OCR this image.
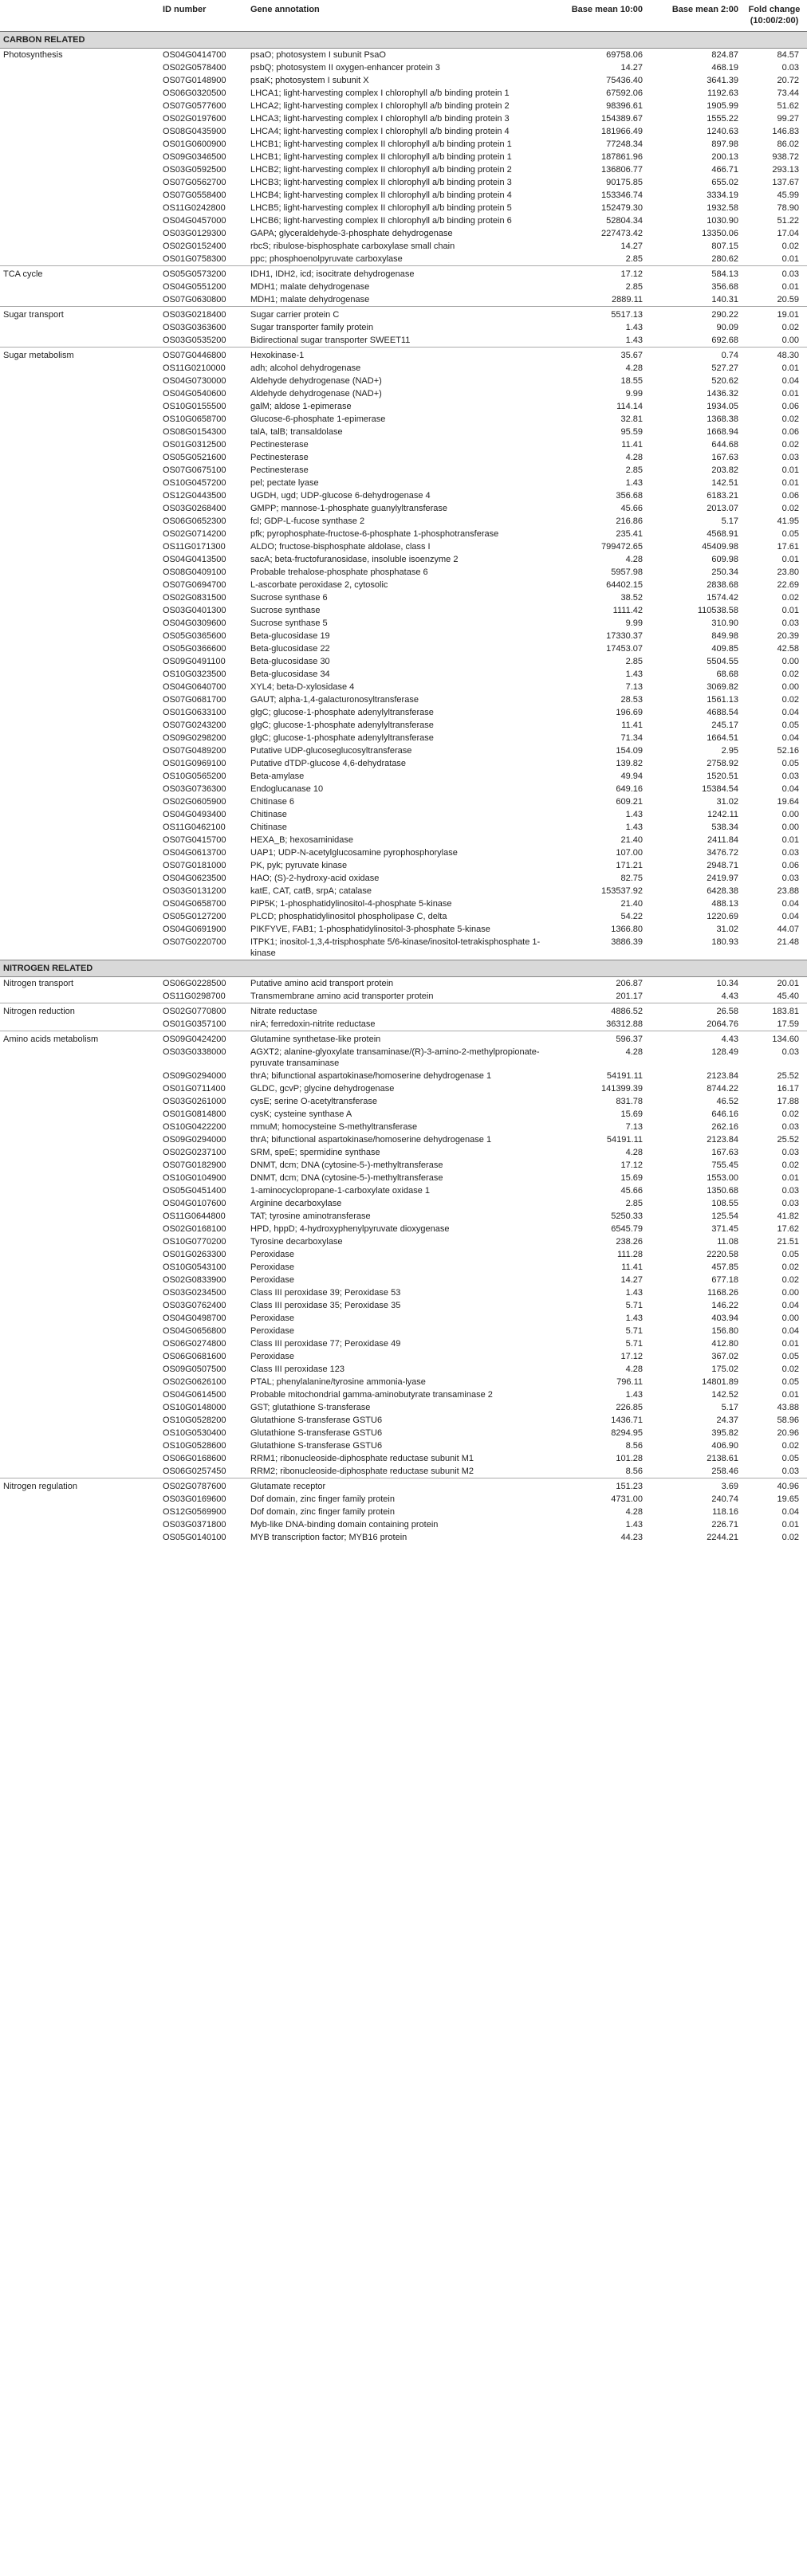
	ID number	Gene annotation	Base mean 10:00	Base mean 2:00	Fold change (10:00/2:00)
CARBON RELATED					
Photosynthesis	OS04G0414700	psaO; photosystem I subunit PsaO	69758.06	824.87	84.57
	OS02G0578400	psbQ; photosystem II oxygen-enhancer protein 3	14.27	468.19	0.03
	OS07G0148900	psaK; photosystem I subunit X	75436.40	3641.39	20.72
	OS06G0320500	LHCA1; light-harvesting complex I chlorophyll a/b binding protein 1	67592.06	1192.63	73.44
	OS07G0577600	LHCA2; light-harvesting complex I chlorophyll a/b binding protein 2	98396.61	1905.99	51.62
	OS02G0197600	LHCA3; light-harvesting complex I chlorophyll a/b binding protein 3	154389.67	1555.22	99.27
	OS08G0435900	LHCA4; light-harvesting complex I chlorophyll a/b binding protein 4	181966.49	1240.63	146.83
	OS01G0600900	LHCB1; light-harvesting complex II chlorophyll a/b binding protein 1	77248.34	897.98	86.02
	OS09G0346500	LHCB1; light-harvesting complex II chlorophyll a/b binding protein 1	187861.96	200.13	938.72
	OS03G0592500	LHCB2; light-harvesting complex II chlorophyll a/b binding protein 2	136806.77	466.71	293.13
	OS07G0562700	LHCB3; light-harvesting complex II chlorophyll a/b binding protein 3	90175.85	655.02	137.67
	OS07G0558400	LHCB4; light-harvesting complex II chlorophyll a/b binding protein 4	153346.74	3334.19	45.99
	OS11G0242800	LHCB5; light-harvesting complex II chlorophyll a/b binding protein 5	152479.30	1932.58	78.90
	OS04G0457000	LHCB6; light-harvesting complex II chlorophyll a/b binding protein 6	52804.34	1030.90	51.22
	OS03G0129300	GAPA; glyceraldehyde-3-phosphate dehydrogenase	227473.42	13350.06	17.04
	OS02G0152400	rbcS; ribulose-bisphosphate carboxylase small chain	14.27	807.15	0.02
	OS01G0758300	ppc; phosphoenolpyruvate carboxylase	2.85	280.62	0.01
TCA cycle	OS05G0573200	IDH1, IDH2, icd; isocitrate dehydrogenase	17.12	584.13	0.03
	OS04G0551200	MDH1; malate dehydrogenase	2.85	356.68	0.01
	OS07G0630800	MDH1; malate dehydrogenase	2889.11	140.31	20.59
Sugar transport	OS03G0218400	Sugar carrier protein C	5517.13	290.22	19.01
	OS03G0363600	Sugar transporter family protein	1.43	90.09	0.02
	OS03G0535200	Bidirectional sugar transporter SWEET11	1.43	692.68	0.00
Sugar metabolism	OS07G0446800	Hexokinase-1	35.67	0.74	48.30
	OS11G0210000	adh; alcohol dehydrogenase	4.28	527.27	0.01
	OS04G0730000	Aldehyde dehydrogenase (NAD+)	18.55	520.62	0.04
	OS04G0540600	Aldehyde dehydrogenase (NAD+)	9.99	1436.32	0.01
	OS10G0155500	galM; aldose 1-epimerase	114.14	1934.05	0.06
	OS10G0658700	Glucose-6-phosphate 1-epimerase	32.81	1368.38	0.02
	OS08G0154300	talA, talB; transaldolase	95.59	1668.94	0.06
	OS01G0312500	Pectinesterase	11.41	644.68	0.02
	OS05G0521600	Pectinesterase	4.28	167.63	0.03
	OS07G0675100	Pectinesterase	2.85	203.82	0.01
	OS10G0457200	pel; pectate lyase	1.43	142.51	0.01
	OS12G0443500	UGDH, ugd; UDP-glucose 6-dehydrogenase 4	356.68	6183.21	0.06
	OS03G0268400	GMPP; mannose-1-phosphate guanylyltransferase	45.66	2013.07	0.02
	OS06G0652300	fcl; GDP-L-fucose synthase 2	216.86	5.17	41.95
	OS02G0714200	pfk; pyrophosphate-fructose-6-phosphate 1-phosphotransferase	235.41	4568.91	0.05
	OS11G0171300	ALDO; fructose-bisphosphate aldolase, class I	799472.65	45409.98	17.61
	OS04G0413500	sacA; beta-fructofuranosidase, insoluble isoenzyme 2	4.28	609.98	0.01
	OS08G0409100	Probable trehalose-phosphate phosphatase 6	5957.98	250.34	23.80
	OS07G0694700	L-ascorbate peroxidase 2, cytosolic	64402.15	2838.68	22.69
	OS02G0831500	Sucrose synthase 6	38.52	1574.42	0.02
	OS03G0401300	Sucrose synthase	1111.42	110538.58	0.01
	OS04G0309600	Sucrose synthase 5	9.99	310.90	0.03
	OS05G0365600	Beta-glucosidase 19	17330.37	849.98	20.39
	OS05G0366600	Beta-glucosidase 22	17453.07	409.85	42.58
	OS09G0491100	Beta-glucosidase 30	2.85	5504.55	0.00
	OS10G0323500	Beta-glucosidase 34	1.43	68.68	0.02
	OS04G0640700	XYL4; beta-D-xylosidase 4	7.13	3069.82	0.00
	OS07G0681700	GAUT; alpha-1,4-galacturonosyltransferase	28.53	1561.13	0.02
	OS01G0633100	glgC; glucose-1-phosphate adenylyltransferase	196.69	4688.54	0.04
	OS07G0243200	glgC; glucose-1-phosphate adenylyltransferase	11.41	245.17	0.05
	OS09G0298200	glgC; glucose-1-phosphate adenylyltransferase	71.34	1664.51	0.04
	OS07G0489200	Putative UDP-glucoseglucosyltransferase	154.09	2.95	52.16
	OS01G0969100	Putative dTDP-glucose 4,6-dehydratase	139.82	2758.92	0.05
	OS10G0565200	Beta-amylase	49.94	1520.51	0.03
	OS03G0736300	Endoglucanase 10	649.16	15384.54	0.04
	OS02G0605900	Chitinase 6	609.21	31.02	19.64
	OS04G0493400	Chitinase	1.43	1242.11	0.00
	OS11G0462100	Chitinase	1.43	538.34	0.00
	OS07G0415700	HEXA_B; hexosaminidase	21.40	2411.84	0.01
	OS04G0613700	UAP1; UDP-N-acetylglucosamine pyrophosphorylase	107.00	3476.72	0.03
	OS07G0181000	PK, pyk; pyruvate kinase	171.21	2948.71	0.06
	OS04G0623500	HAO; (S)-2-hydroxy-acid oxidase	82.75	2419.97	0.03
	OS03G0131200	katE, CAT, catB, srpA; catalase	153537.92	6428.38	23.88
	OS04G0658700	PIP5K; 1-phosphatidylinositol-4-phosphate 5-kinase	21.40	488.13	0.04
	OS05G0127200	PLCD; phosphatidylinositol phospholipase C, delta	54.22	1220.69	0.04
	OS04G0691900	PIKFYVE, FAB1; 1-phosphatidylinositol-3-phosphate 5-kinase	1366.80	31.02	44.07
	OS07G0220700	ITPK1; inositol-1,3,4-trisphosphate 5/6-kinase/inositol-tetrakisphosphate 1-kinase	3886.39	180.93	21.48
NITROGEN RELATED					
Nitrogen transport	OS06G0228500	Putative amino acid transport protein	206.87	10.34	20.01
	OS11G0298700	Transmembrane amino acid transporter protein	201.17	4.43	45.40
Nitrogen reduction	OS02G0770800	Nitrate reductase	4886.52	26.58	183.81
	OS01G0357100	nirA; ferredoxin-nitrite reductase	36312.88	2064.76	17.59
Amino acids metabolism	OS09G0424200	Glutamine synthetase-like protein	596.37	4.43	134.60
	OS03G0338000	AGXT2; alanine-glyoxylate transaminase/(R)-3-amino-2-methylpropionate-pyruvate transaminase	4.28	128.49	0.03
	OS09G0294000	thrA; bifunctional aspartokinase/homoserine dehydrogenase 1	54191.11	2123.84	25.52
	OS01G0711400	GLDC, gcvP; glycine dehydrogenase	141399.39	8744.22	16.17
	OS03G0261000	cysE; serine O-acetyltransferase	831.78	46.52	17.88
	OS01G0814800	cysK; cysteine synthase A	15.69	646.16	0.02
	OS10G0422200	mmuM; homocysteine S-methyltransferase	7.13	262.16	0.03
	OS09G0294000	thrA; bifunctional aspartokinase/homoserine dehydrogenase 1	54191.11	2123.84	25.52
	OS02G0237100	SRM, speE; spermidine synthase	4.28	167.63	0.03
	OS07G0182900	DNMT, dcm; DNA (cytosine-5-)-methyltransferase	17.12	755.45	0.02
	OS10G0104900	DNMT, dcm; DNA (cytosine-5-)-methyltransferase	15.69	1553.00	0.01
	OS05G0451400	1-aminocyclopropane-1-carboxylate oxidase 1	45.66	1350.68	0.03
	OS04G0107600	Arginine decarboxylase	2.85	108.55	0.03
	OS11G0644800	TAT; tyrosine aminotransferase	5250.33	125.54	41.82
	OS02G0168100	HPD, hppD; 4-hydroxyphenylpyruvate dioxygenase	6545.79	371.45	17.62
	OS10G0770200	Tyrosine decarboxylase	238.26	11.08	21.51
	OS01G0263300	Peroxidase	111.28	2220.58	0.05
	OS10G0543100	Peroxidase	11.41	457.85	0.02
	OS02G0833900	Peroxidase	14.27	677.18	0.02
	OS03G0234500	Class III peroxidase 39; Peroxidase 53	1.43	1168.26	0.00
	OS03G0762400	Class III peroxidase 35; Peroxidase 35	5.71	146.22	0.04
	OS04G0498700	Peroxidase	1.43	403.94	0.00
	OS04G0656800	Peroxidase	5.71	156.80	0.04
	OS06G0274800	Class III peroxidase 77; Peroxidase 49	5.71	412.80	0.01
	OS06G0681600	Peroxidase	17.12	367.02	0.05
	OS09G0507500	Class III peroxidase 123	4.28	175.02	0.02
	OS02G0626100	PTAL; phenylalanine/tyrosine ammonia-lyase	796.11	14801.89	0.05
	OS04G0614500	Probable mitochondrial gamma-aminobutyrate transaminase 2	1.43	142.52	0.01
	OS10G0148000	GST; glutathione S-transferase	226.85	5.17	43.88
	OS10G0528200	Glutathione S-transferase GSTU6	1436.71	24.37	58.96
	OS10G0530400	Glutathione S-transferase GSTU6	8294.95	395.82	20.96
	OS10G0528600	Glutathione S-transferase GSTU6	8.56	406.90	0.02
	OS06G0168600	RRM1; ribonucleoside-diphosphate reductase subunit M1	101.28	2138.61	0.05
	OS06G0257450	RRM2; ribonucleoside-diphosphate reductase subunit M2	8.56	258.46	0.03
Nitrogen regulation	OS02G0787600	Glutamate receptor	151.23	3.69	40.96
	OS03G0169600	Dof domain, zinc finger family protein	4731.00	240.74	19.65
	OS12G0569900	Dof domain, zinc finger family protein	4.28	118.16	0.04
	OS03G0371800	Myb-like DNA-binding domain containing protein	1.43	226.71	0.01
	OS05G0140100	MYB transcription factor; MYB16 protein	44.23	2244.21	0.02
